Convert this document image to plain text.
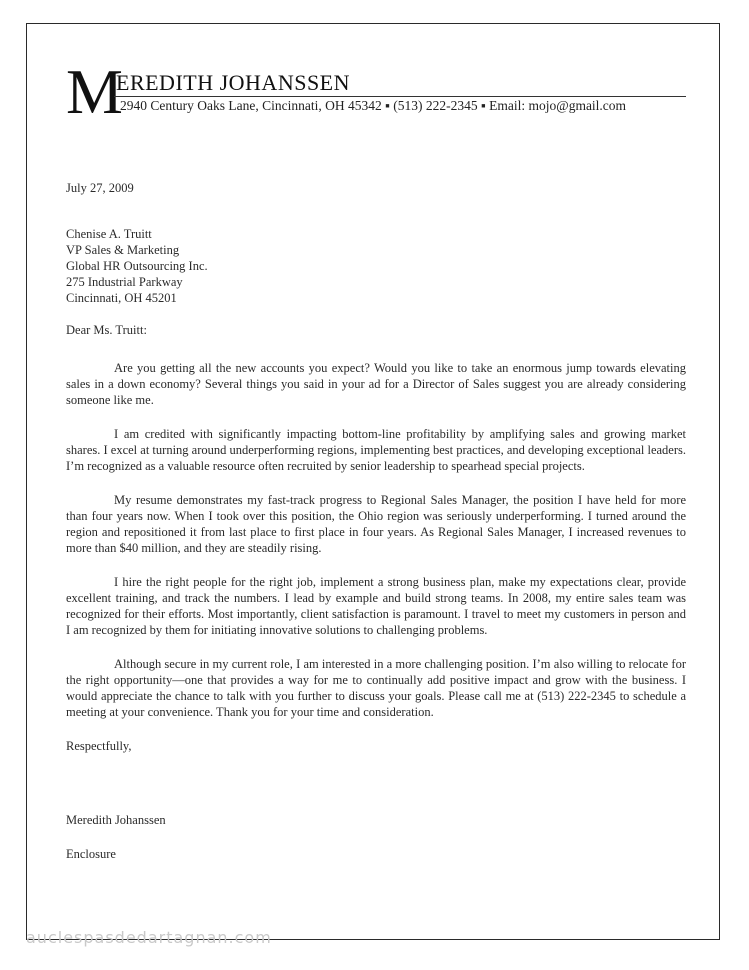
M
EREDITH JOHANSSEN
2940 Century Oaks Lane, Cincinnati, OH 45342 ▪ (513) 222-2345 ▪ Email: mojo@gmail.com
July 27, 2009
Chenise A. Truitt
VP Sales & Marketing
Global HR Outsourcing Inc.
275 Industrial Parkway
Cincinnati, OH 45201
Dear Ms. Truitt:

Are you getting all the new accounts you expect? Would you like to take an enormous jump towards elevating sales in a down economy? Several things you said in your ad for a Director of Sales suggest you are already considering someone like me.

I am credited with significantly impacting bottom-line profitability by amplifying sales and growing market shares. I excel at turning around underperforming regions, implementing best practices, and developing exceptional leaders. I’m recognized as a valuable resource often recruited by senior leadership to spearhead special projects.

My resume demonstrates my fast-track progress to Regional Sales Manager, the position I have held for more than four years now. When I took over this position, the Ohio region was seriously underperforming. I turned around the region and repositioned it from last place to first place in four years. As Regional Sales Manager, I increased revenues to more than $40 million, and they are steadily rising.

I hire the right people for the right job, implement a strong business plan, make my expectations clear, provide excellent training, and track the numbers. I lead by example and build strong teams. In 2008, my entire sales team was recognized for their efforts. Most importantly, client satisfaction is paramount. I travel to meet my customers in person and I am recognized by them for initiating innovative solutions to challenging problems.

Although secure in my current role, I am interested in a more challenging position. I’m also willing to relocate for the right opportunity—one that provides a way for me to continually add positive impact and grow with the business. I would appreciate the chance to talk with you further to discuss your goals. Please call me at (513) 222-2345 to schedule a meeting at your convenience. Thank you for your time and consideration.

Respectfully,
Meredith Johanssen
Enclosure
auclespasdedartagnan.com
